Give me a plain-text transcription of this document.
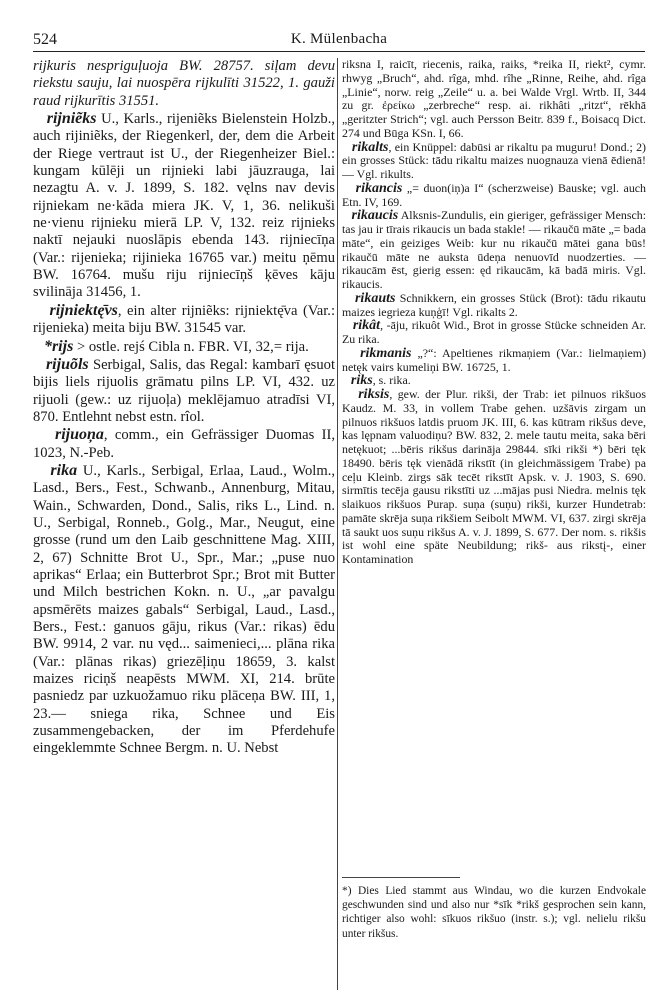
524	K. Mülenbacha

rijkuris nespriguļuoja BW. 28757. siļam devu riekstu sauju, lai nuospēra rijkulīti 31522, 1. gauži raud rijkurītis 31551.

rijniẽks U., Karls., rijeniẽks Bielenstein Holzb., auch rijiniẽks, der Riegenkerl, der, dem die Arbeit der Riege vertraut ist U., der Riegenheizer Biel.: kungam kūlēji un rijnieki labi jāuzrauga, lai nezagtu A. v. J. 1899, S. 182. vęlns nav devis rijniekam ne·kāda miera JK. V, 1, 36. nelikuši ne·vienu rijnieku mierā LP. V, 132. reiz rijnieks naktī nejauki nuoslāpis ebenda 143. rijniecīņa (Var.: rijenieka; rijinieka 16765 var.) meitu ņēmu BW. 16764. mušu riju rijniecīņš ķēves kāju svilināja 31456, 1.

rijniektę̄vs, ein alter rijniẽks: rijniektę̄va (Var.: rijenieka) meita biju BW. 31545 var.

*rijs > ostle. rejś Cibla n. FBR. VI, 32,= rija.

rijuõls Serbigal, Salis, das Regal: kambarī ęsuot bijis liels rijuolis grāmatu pilns LP. VI, 432. uz rijuoli (gew.: uz rijuoļa) meklējamuo atradīsi VI, 870. Entlehnt nebst estn. rîol.

rijuoņa, comm., ein Gefrässiger Duomas II, 1023, N.-Peb.

rika U., Karls., Serbigal, Erlaa, Laud., Wolm., Lasd., Bers., Fest., Schwanb., Annenburg, Mitau, Wain., Schwarden, Dond., Salis, riks L., Lind. n. U., Serbigal, Ronneb., Golg., Mar., Neugut, eine grosse (rund um den Laib geschnittene Mag. XIII, 2, 67) Schnitte Brot U., Spr., Mar.; „puse nuo aprikas“ Erlaa; ein Butterbrot Spr.; Brot mit Butter und Milch bestrichen Kokn. n. U., „ar pavalgu apsmērēts maizes gabals“ Serbigal, Laud., Lasd., Bers., Fest.: ganuos gāju, rikus (Var.: rikas) ēdu BW. 9914, 2 var. nu vęd... saimenieci,... plāna rika (Var.: plānas rikas) griezēļiņu 18659, 3. kalst maizes riciņš neapēsts MWM. XI, 214. brūte pasniedz par uzkuožamuo riku plāceņa BW. III, 1, 23.— sniega rika, Schnee und Eis zusammengebacken, der im Pferdehufe eingeklemmte Schnee Bergm. n. U. Nebst

riksna I, raicīt, riecenis, raika, raiks, *reika II, riekt², cymr. rhwyg „Bruch“, ahd. rîga, mhd. rîhe „Rinne, Reihe, ahd. rîga „Linie“, norw. reig „Zeile“ u. a. bei Walde Vrgl. Wrtb. II, 344 zu gr. ἐρείκω „zerbreche“ resp. ai. rikhâti „ritzt“, rēkhā „geritzter Strich“; vgl. auch Persson Beitr. 839 f., Boisacq Dict. 274 und Būga KSn. I, 66.

rikalts, ein Knüppel: dabūsi ar rikaltu pa muguru! Dond.; 2) ein grosses Stück: tādu rikaltu maizes nuognauza vienā ēdienā! — Vgl. rikults.

rikancis „= duon(iņ)a I“ (scherzweise) Bauske; vgl. auch Etn. IV, 169.

rikaucis Alksnis-Zundulis, ein gieriger, gefrässiger Mensch: tas jau ir tīrais rikaucis un bada stakle! — rikaučū māte „= bada māte“, ein geiziges Weib: kur nu rikaučū mātei gana būs! rikaučū māte ne auksta ūdeņa nenuovīd nuodzerties. — rikaucām ēst, gierig essen: ęd rikaucām, kā badā miris. Vgl. rikaucis.

rikauts Schnikkern, ein grosses Stück (Brot): tādu rikautu maizes iegrieza kuņģī! Vgl. rikalts 2.

rikât, -āju, rikuôt Wid., Brot in grosse Stücke schneiden Ar. Zu rika.

rikmanis „?“: Apeltienes rikmaņiem (Var.: lielmaņiem) netęk vairs kumeliņi BW. 16725, 1.

riks, s. rika.

riksis, gew. der Plur. rikši, der Trab: iet pilnuos rikšuos Kaudz. M. 33, in vollem Trabe gehen. uzšāvis zirgam un pilnuos rikšuos latdis pruom JK. III, 6. kas kūtram rikšus deve, kas lępnam valuodiņu? BW. 832, 2. mele tautu meita, saka bēri netękuot; ...bēris rikšus darināja 29844. sīki rikši *) bēri tęk 18490. bēris tęk vienādā rikstīt (in gleichmässigem Trabe) pa ceļu Kleinb. zirgs sāk tecēt rikstīt Apsk. v. J. 1903, S. 690. sirmītis tecēja gausu rikstīti uz ...mājas pusi Niedra. melnis tęk slaikuos rikšuos Purap. suņa (suņu) rikši, kurzer Hundetrab: pamāte skrēja suņa rikšiem Seibolt MWM. VI, 637. zirgi skrēja tā saukt uos suņu rikšus A. v. J. 1899, S. 677. Der nom. s. rikšis ist wohl eine späte Neubildung; rikš- aus rikstį-, einer Kontamination

*) Dies Lied stammt aus Windau, wo die kurzen Endvokale geschwunden sind und also nur *sīk *rikš gesprochen sein kann, richtiger also wohl: sīkuos rikšuo (instr. s.); vgl. nelielu rikšu unter rikšus.
